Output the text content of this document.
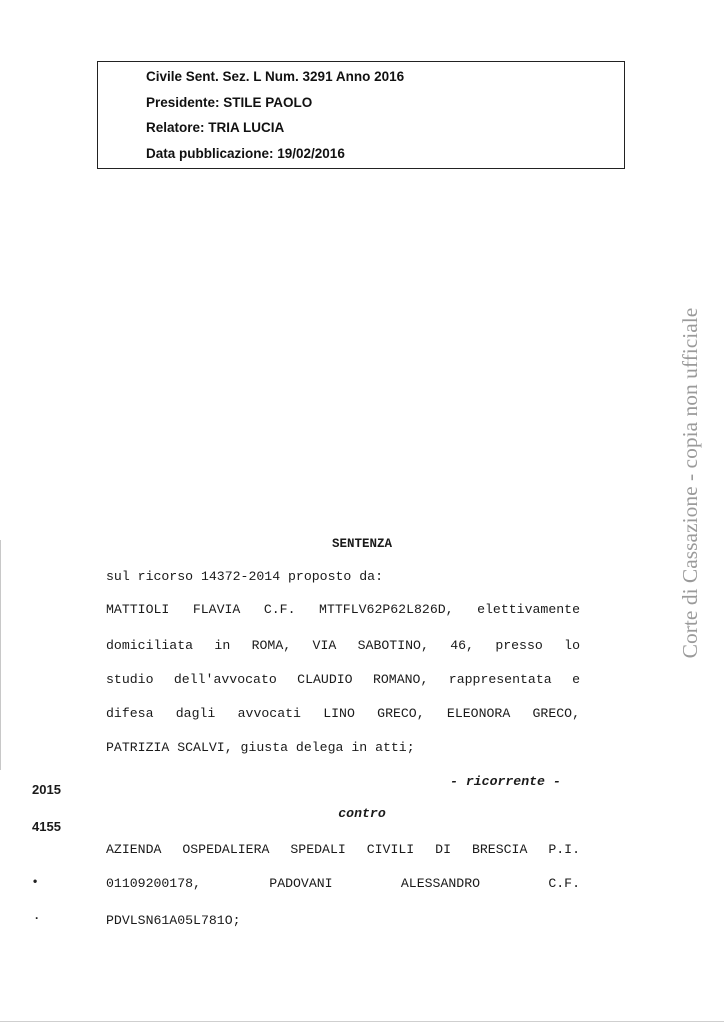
Civile Sent. Sez. L Num. 3291 Anno 2016
Presidente: STILE PAOLO
Relatore: TRIA LUCIA
Data pubblicazione: 19/02/2016
Corte di Cassazione - copia non ufficiale
SENTENZA
sul ricorso 14372-2014 proposto da:
MATTIOLI FLAVIA C.F. MTTFLV62P62L826D, elettivamente
domiciliata in ROMA, VIA SABOTINO, 46, presso lo
studio dell'avvocato CLAUDIO ROMANO, rappresentata e
difesa dagli avvocati LINO GRECO, ELEONORA GRECO,
PATRIZIA SCALVI, giusta delega in atti;
- ricorrente -
contro
AZIENDA OSPEDALIERA SPEDALI CIVILI DI BRESCIA P.I.
01109200178, PADOVANI ALESSANDRO C.F.
PDVLSN61A05L781O;
2015
4155
•
·
